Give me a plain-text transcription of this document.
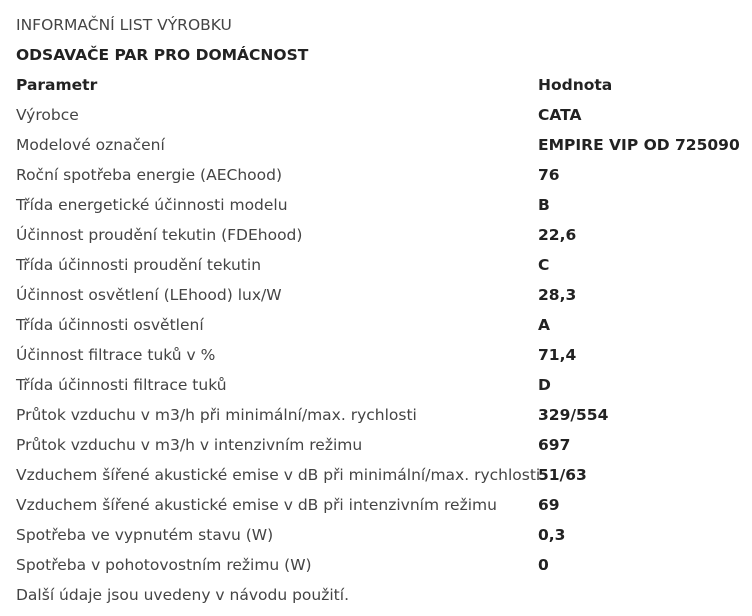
INFORMAČNÍ LIST VÝROBKU
ODSAVAČE PAR PRO DOMÁCNOST
Parametr	Hodnota
Výrobce	CATA
Modelové označení	EMPIRE VIP OD 725090
Roční spotřeba energie (AEChood)	76
Třída energetické účinnosti modelu	B
Účinnost proudění tekutin (FDEhood)	22,6
Třída účinnosti proudění tekutin	C
Účinnost osvětlení (LEhood) lux/W	28,3
Třída účinnosti osvětlení	A
Účinnost filtrace tuků v %	71,4
Třída účinnosti filtrace tuků	D
Průtok vzduchu v m3/h při minimální/max. rychlosti	329/554
Průtok vzduchu v m3/h v intenzivním režimu	697
Vzduchem šířené akustické emise v dB při minimální/max. rychlosti	51/63
Vzduchem šířené akustické emise v dB při intenzivním režimu	69
Spotřeba ve vypnutém stavu (W)	0,3
Spotřeba v pohotovostním režimu (W)	0
Další údaje jsou uvedeny v návodu použití.
